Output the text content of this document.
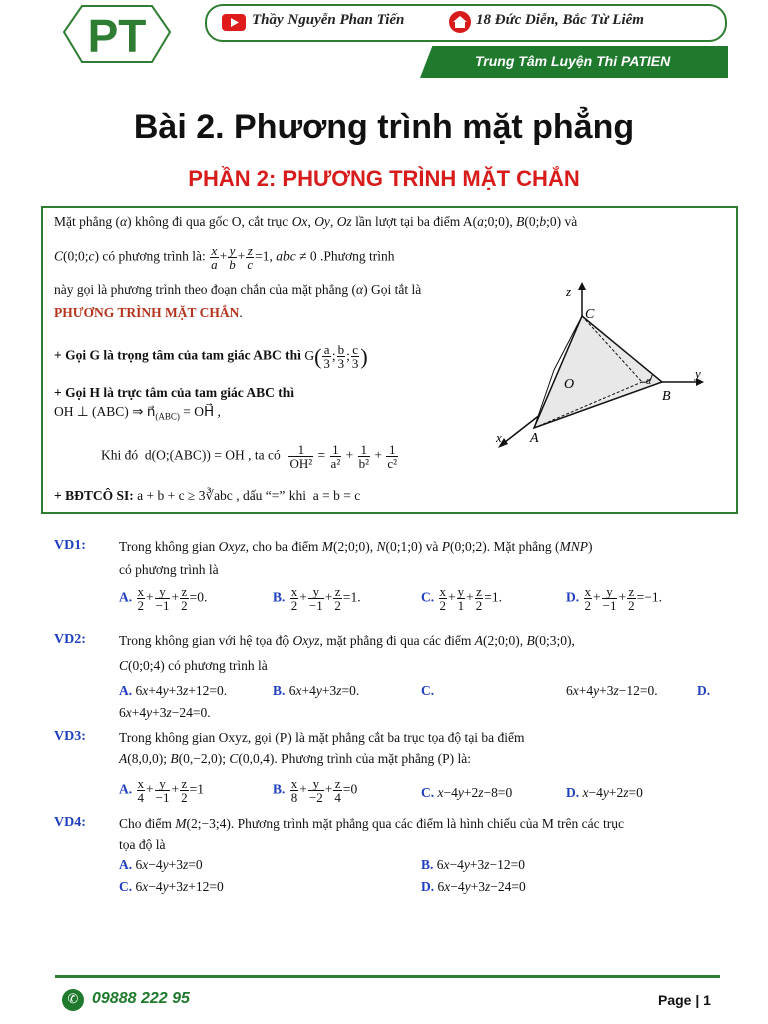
PT	Thầy Nguyễn Phan Tiến	18 Đức Diễn, Bắc Từ Liêm
Trung Tâm Luyện Thi PATIEN
Bài 2. Phương trình mặt phẳng
PHẦN 2: PHƯƠNG TRÌNH MẶT CHẮN
Mặt phẳng (α) không đi qua gốc O, cắt trục Ox, Oy, Oz lần lượt tại ba điểm A(a;0;0), B(0;b;0) và
C(0;0;c) có phương trình là: $\frac{x}{a} + \frac{y}{b} + \frac{z}{c} =1$, abc ≠ 0 .Phương trình
này gọi là phương trình theo đoạn chắn của mặt phẳng (α) Gọi tắt là
PHƯƠNG TRÌNH MẶT CHẮN.
+ Gọi G là trọng tâm của tam giác ABC thì $G( \frac{a}{3}$ ; $\frac{b}{3}$ ; $\frac{c}{3}$ )
+ Gọi H là trực tâm của tam giác ABC thì
OH ⊥ (ABC) ⇒ $n⃗_{(ABC)}$ = OH⃗ ,
Khi đó  d(O;(ABC)) = OH , ta có $\frac{1}{\text{OH²}} = \frac{1}{\text{a²}} + \frac{1}{\text{b²}} + \frac{1}{\text{c²}}$
+ BĐTCÔ SI: a + b + c ≥ 3∛abc , dấu “=” khi  a = b = c
z
C
O	α
y
B
x A
VD1: Trong không gian Oxyz, cho ba điểm M(2;0;0), N(0;1;0) và P(0;0;2). Mặt phẳng (MNP)
có phương trình là
A. $\frac{x}{2} + \frac{y}{-1} + \frac{z}{2} =0$.	B. $\frac{x}{2} + \frac{y}{-1} + \frac{z}{2} =1$.	C. $\frac{x}{2} + \frac{y}{1} + \frac{z}{2} =1$.	D. $\frac{x}{2} + \frac{y}{-1} + \frac{z}{2} =-1$.
VD2: Trong không gian với hệ tọa độ Oxyz, mặt phẳng đi qua các điểm A(2;0;0), B(0;3;0),
C(0;0;4) có phương trình là
A. 6x+4y+3z+12=0.	B. 6x+4y+3z=0.	C.	6x+4y+3z−12=0.	D.
6x+4y+3z−24=0.
VD3: Trong không gian Oxyz, gọi (P) là mặt phẳng cắt ba trục tọa độ tại ba điểm
A(8,0,0); B(0,−2,0); C(0,0,4). Phương trình của mặt phẳng (P) là:
A. $\frac{x}{4} + \frac{y}{-1} + \frac{z}{2} =1$	B. $\frac{x}{8} + \frac{y}{-2} + \frac{z}{4} =0$	C. x−4y+2z−8=0	D. x−4y+2z=0
VD4: Cho điểm M(2;−3;4). Phương trình mặt phẳng qua các điểm là hình chiếu của M trên các trục
tọa độ là
A. 6x−4y+3z=0	B. 6x−4y+3z−12=0
C. 6x−4y+3z+12=0	D. 6x−4y+3z−24=0
✆ 09888 222 95	Page | 1
